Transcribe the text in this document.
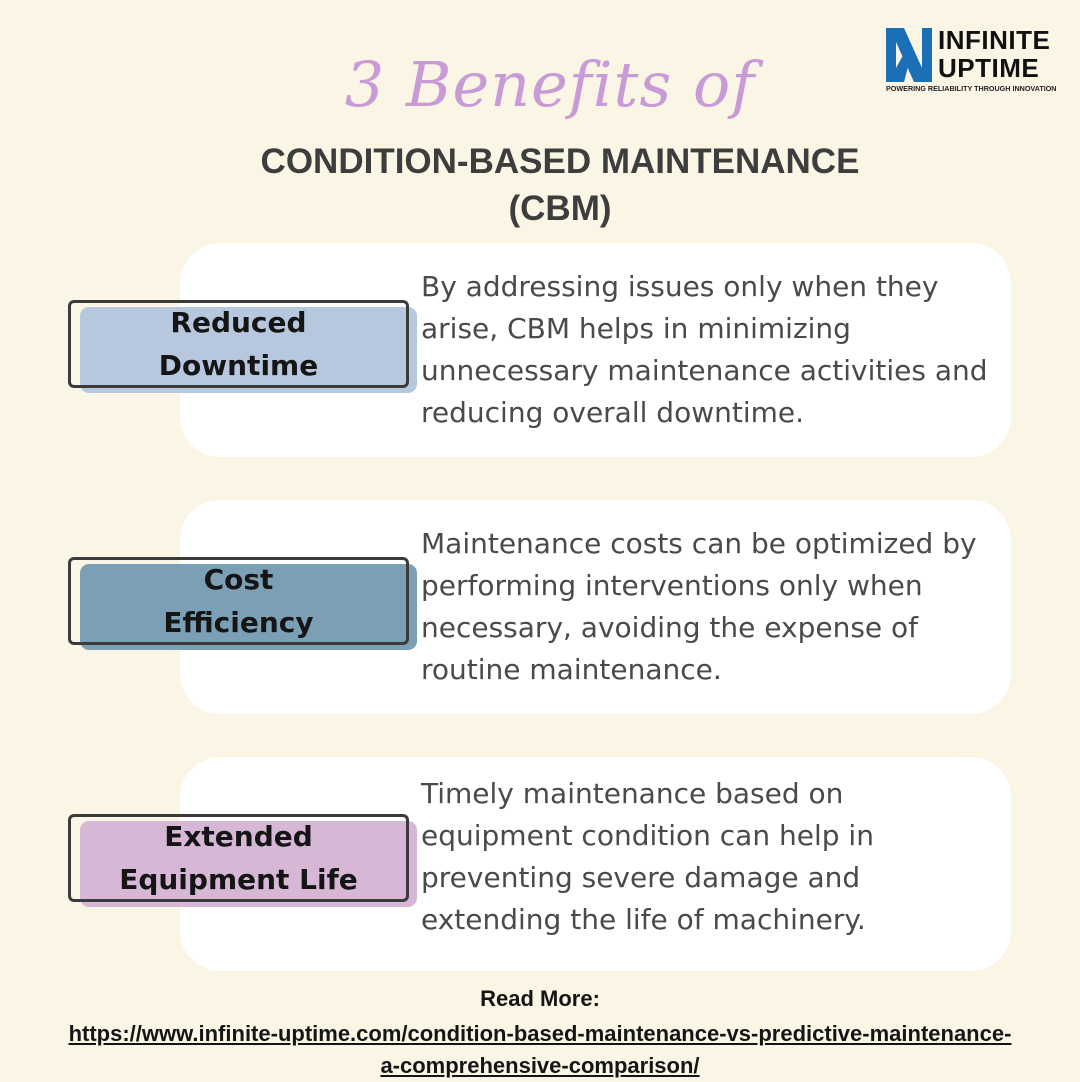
3 Benefits of
CONDITION-BASED MAINTENANCE
(CBM)
INFINITE
UPTIME
POWERING RELIABILITY THROUGH INNOVATION
By addressing issues only when they arise, CBM helps in minimizing unnecessary maintenance activities and reducing overall downtime.
Reduced
Downtime
Maintenance costs can be optimized by performing interventions only when necessary, avoiding the expense of routine maintenance.
Cost
Efficiency
Timely maintenance based on equipment condition can help in preventing severe damage and extending the life of machinery.
Extended
Equipment Life
Read More:
https://www.infinite-uptime.com/condition-based-maintenance-vs-predictive-maintenance-a-comprehensive-comparison/
